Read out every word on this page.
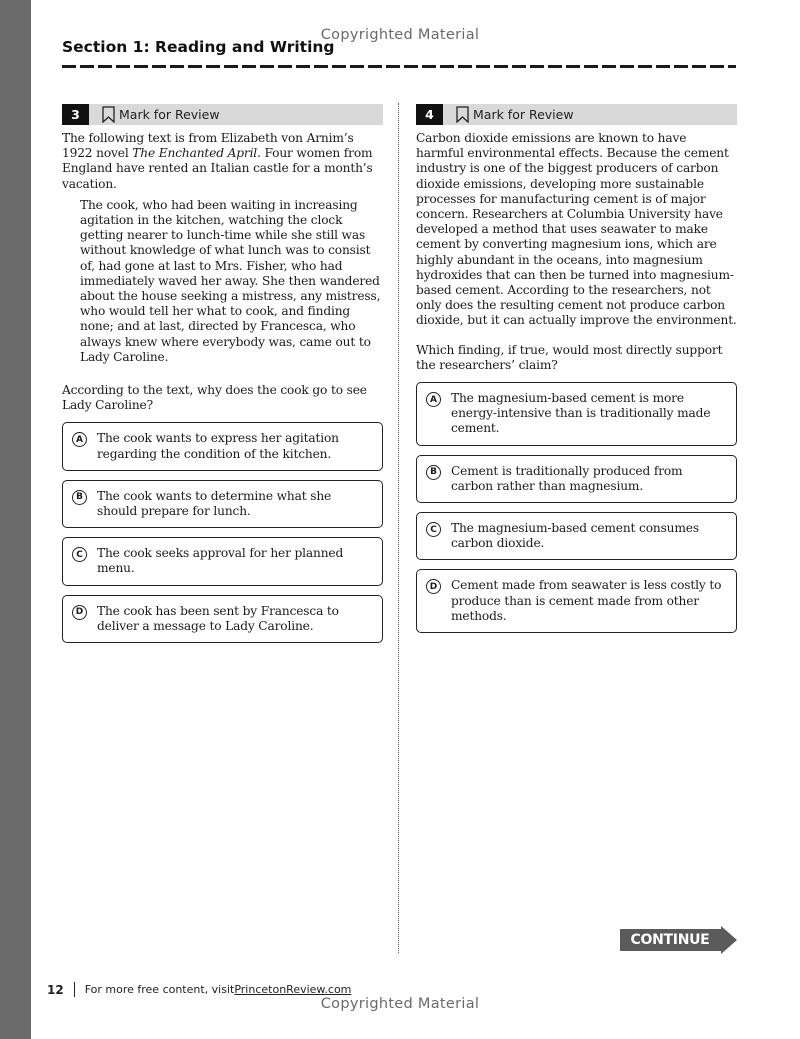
Copyrighted Material
Section 1: Reading and Writing
3	Mark for Review
The following text is from Elizabeth von Arnim’s 1922 novel The Enchanted April. Four women from England have rented an Italian castle for a month’s vacation.
The cook, who had been waiting in increasing agitation in the kitchen, watching the clock getting nearer to lunch-time while she still was without knowledge of what lunch was to consist of, had gone at last to Mrs. Fisher, who had immediately waved her away. She then wandered about the house seeking a mistress, any mistress, who would tell her what to cook, and finding none; and at last, directed by Francesca, who always knew where everybody was, came out to Lady Caroline.
According to the text, why does the cook go to see Lady Caroline?
A	The cook wants to express her agitation regarding the condition of the kitchen.
B	The cook wants to determine what she should prepare for lunch.
C	The cook seeks approval for her planned menu.
D	The cook has been sent by Francesca to deliver a message to Lady Caroline.
4	Mark for Review
Carbon dioxide emissions are known to have harmful environmental effects. Because the cement industry is one of the biggest producers of carbon dioxide emissions, developing more sustainable processes for manufacturing cement is of major concern. Researchers at Columbia University have developed a method that uses seawater to make cement by converting magnesium ions, which are highly abundant in the oceans, into magnesium hydroxides that can then be turned into magnesium-based cement. According to the researchers, not only does the resulting cement not produce carbon dioxide, but it can actually improve the environment.
Which finding, if true, would most directly support the researchers’ claim?
A	The magnesium-based cement is more energy-intensive than is traditionally made cement.
B	Cement is traditionally produced from carbon rather than magnesium.
C	The magnesium-based cement consumes carbon dioxide.
D	Cement made from seawater is less costly to produce than is cement made from other methods.
CONTINUE
12 For more free content, visit PrincetonReview.com
Copyrighted Material
